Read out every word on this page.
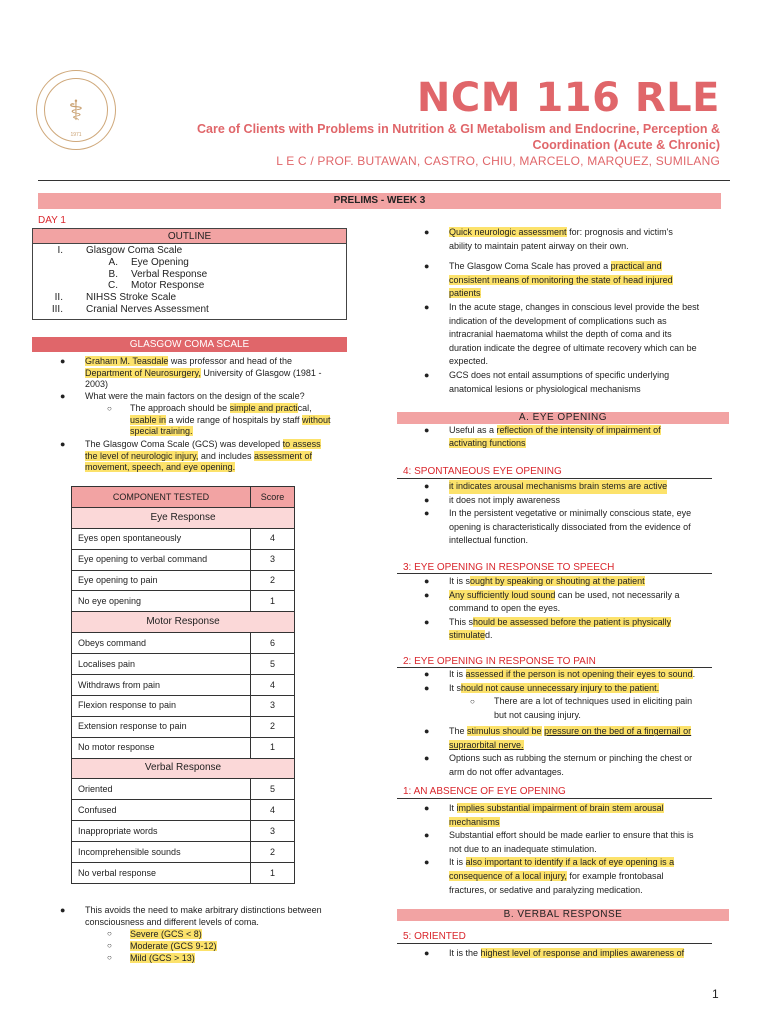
⚕
1971
NCM 116 RLE
Care of Clients with Problems in Nutrition & GI Metabolism and Endocrine, Perception &
Coordination (Acute & Chronic)
L E C / PROF. BUTAWAN, CASTRO, CHIU, MARCELO, MARQUEZ, SUMILANG
PRELIMS - WEEK 3
DAY 1
OUTLINE
I. Glasgow Coma Scale
A. Eye Opening
B. Verbal Response
C. Motor Response
II. NIHSS Stroke Scale
III. Cranial Nerves Assessment
GLASGOW COMA SCALE
● Graham M. Teasdale was professor and head of the
Department of Neurosurgery, University of Glasgow (1981 -
2003)
● What were the main factors on the design of the scale?
○ The approach should be simple and practical,
usable in a wide range of hospitals by staff without
special training.
● The Glasgow Coma Scale (GCS) was developed to assess
the level of neurologic injury, and includes assessment of
movement, speech, and eye opening.
COMPONENT TESTED	Score
Eye Response	
Eyes open spontaneously	4
Eye opening to verbal command	3
Eye opening to pain	2
No eye opening	1
Motor Response	
Obeys command	6
Localises pain	5
Withdraws from pain	4
Flexion response to pain	3
Extension response to pain	2
No motor response	1
Verbal Response	
Oriented	5
Confused	4
Inappropriate words	3
Incomprehensible sounds	2
No verbal response	1
● This avoids the need to make arbitrary distinctions between
consciousness and different levels of coma.
○
○
○
Severe (GCS < 8)
Moderate (GCS 9-12)
Mild (GCS > 13)
● Quick neurologic assessment for: prognosis and victim's
ability to maintain patent airway on their own.
● The Glasgow Coma Scale has proved a practical and
consistent means of monitoring the state of head injured
patients
● In the acute stage, changes in conscious level provide the best
indication of the development of complications such as
intracranial haematoma whilst the depth of coma and its
duration indicate the degree of ultimate recovery which can be
expected.
● GCS does not entail assumptions of specific underlying
anatomical lesions or physiological mechanisms
A. EYE OPENING
● Useful as a reflection of the intensity of impairment of
activating functions
4: SPONTANEOUS EYE OPENING
● it indicates arousal mechanisms brain stems are active
● it does not imply awareness
● In the persistent vegetative or minimally conscious state, eye
opening is characteristically dissociated from the evidence of
intellectual function.
3: EYE OPENING IN RESPONSE TO SPEECH
● It is sought by speaking or shouting at the patient
● Any sufficiently loud sound can be used, not necessarily a
command to open the eyes.
● This should be assessed before the patient is physically
stimulated.
2: EYE OPENING IN RESPONSE TO PAIN
● It is assessed if the person is not opening their eyes to sound.
● It should not cause unnecessary injury to the patient.
○ There are a lot of techniques used in eliciting pain
but not causing injury.
● The stimulus should be pressure on the bed of a fingernail or
supraorbital nerve.
● Options such as rubbing the sternum or pinching the chest or
arm do not offer advantages.
1: AN ABSENCE OF EYE OPENING
● It implies substantial impairment of brain stem arousal
mechanisms
● Substantial effort should be made earlier to ensure that this is
not due to an inadequate stimulation.
● It is also important to identify if a lack of eye opening is a
consequence of a local injury, for example frontobasal
fractures, or sedative and paralyzing medication.
B. VERBAL RESPONSE
5: ORIENTED
● It is the highest level of response and implies awareness of
1
